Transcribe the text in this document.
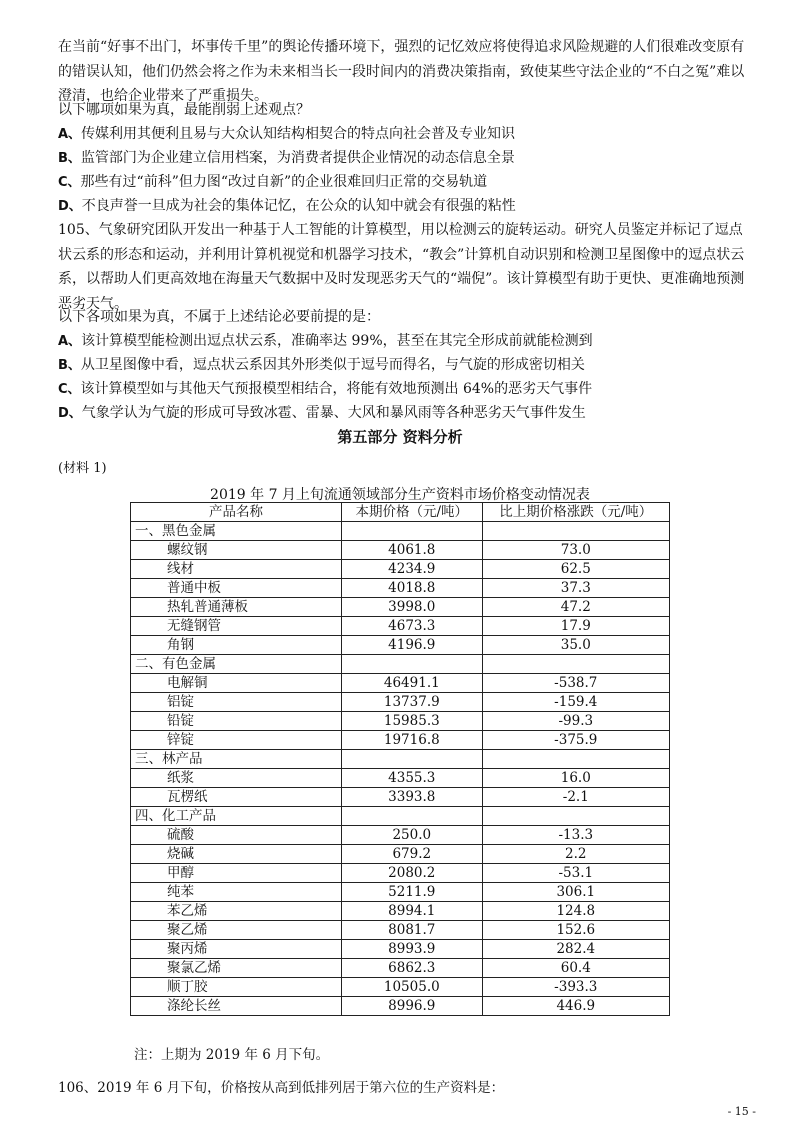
在当前“好事不出门，坏事传千里”的舆论传播环境下，强烈的记忆效应将使得追求风险规避的人们很难改变原有的错误认知，他们仍然会将之作为未来相当长一段时间内的消费决策指南，致使某些守法企业的“不白之冤”难以澄清，也给企业带来了严重损失。

以下哪项如果为真，最能削弱上述观点？
A、传媒利用其便利且易与大众认知结构相契合的特点向社会普及专业知识
B、监管部门为企业建立信用档案，为消费者提供企业情况的动态信息全景
C、那些有过“前科”但力图“改过自新”的企业很难回归正常的交易轨道
D、不良声誉一旦成为社会的集体记忆，在公众的认知中就会有很强的粘性

105、气象研究团队开发出一种基于人工智能的计算模型，用以检测云的旋转运动。研究人员鉴定并标记了逗点状云系的形态和运动，并利用计算机视觉和机器学习技术，“教会”计算机自动识别和检测卫星图像中的逗点状云系，以帮助人们更高效地在海量天气数据中及时发现恶劣天气的“端倪”。该计算模型有助于更快、更准确地预测恶劣天气。

以下各项如果为真，不属于上述结论必要前提的是：
A、该计算模型能检测出逗点状云系，准确率达 99%，甚至在其完全形成前就能检测到
B、从卫星图像中看，逗点状云系因其外形类似于逗号而得名，与气旋的形成密切相关
C、该计算模型如与其他天气预报模型相结合，将能有效地预测出 64%的恶劣天气事件
D、气象学认为气旋的形成可导致冰雹、雷暴、大风和暴风雨等各种恶劣天气事件发生
第五部分 资料分析
(材料 1)
2019 年 7 月上旬流通领域部分生产资料市场价格变动情况表
产品名称	本期价格（元/吨）	比上期价格涨跌（元/吨）
一、黑色金属		
螺纹钢	4061.8	73.0
线材	4234.9	62.5
普通中板	4018.8	37.3
热轧普通薄板	3998.0	47.2
无缝钢管	4673.3	17.9
角钢	4196.9	35.0
二、有色金属		
电解铜	46491.1	-538.7
铝锭	13737.9	-159.4
铅锭	15985.3	-99.3
锌锭	19716.8	-375.9
三、林产品		
纸浆	4355.3	16.0
瓦楞纸	3393.8	-2.1
四、化工产品		
硫酸	250.0	-13.3
烧碱	679.2	2.2
甲醇	2080.2	-53.1
纯苯	5211.9	306.1
苯乙烯	8994.1	124.8
聚乙烯	8081.7	152.6
聚丙烯	8993.9	282.4
聚氯乙烯	6862.3	60.4
顺丁胶	10505.0	-393.3
涤纶长丝	8996.9	446.9
注：上期为 2019 年 6 月下旬。
106、2019 年 6 月下旬，价格按从高到低排列居于第六位的生产资料是：
- 15 -
